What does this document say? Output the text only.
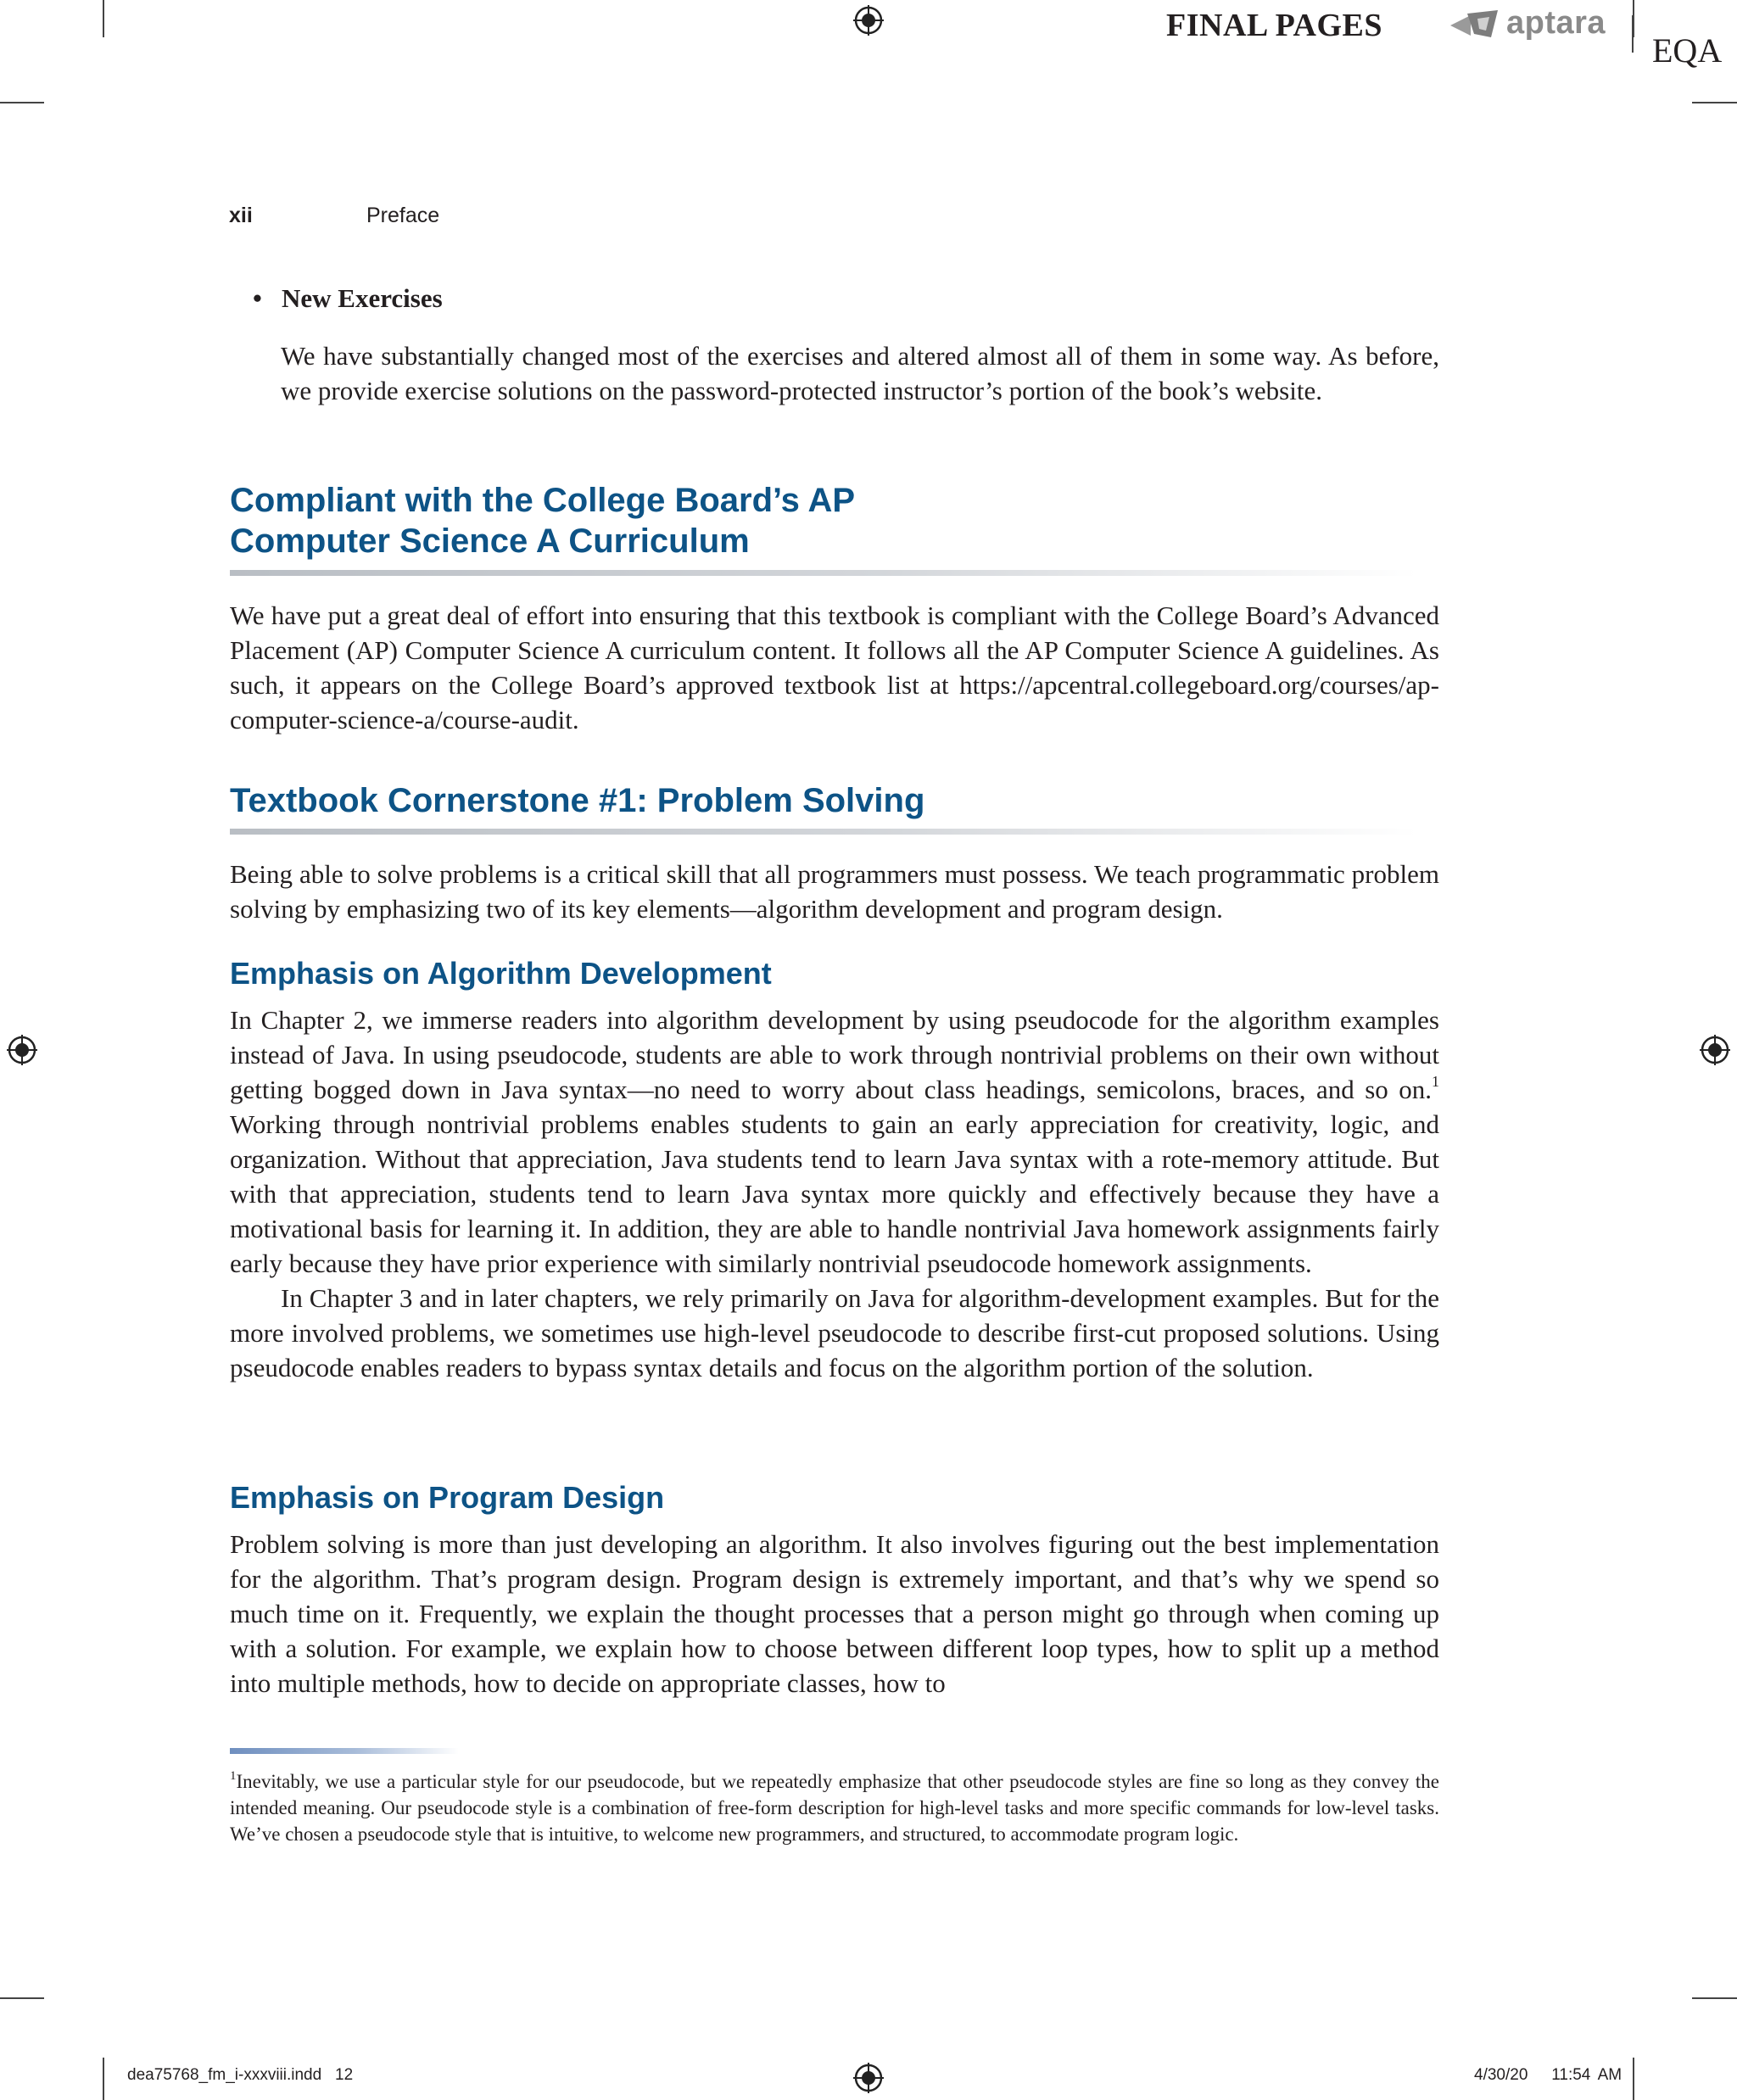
FINAL PAGES	aptara
EQA
xii	Preface
• New Exercises
We have substantially changed most of the exercises and altered almost all of them in some way. As before, we provide exercise solutions on the password-protected instructor’s portion of the book’s website.
Compliant with the College Board’s AP
Computer Science A Curriculum

We have put a great deal of effort into ensuring that this textbook is compliant with the College Board’s Advanced Placement (AP) Computer Science A curriculum content. It follows all the AP Computer Science A guidelines. As such, it appears on the College Board’s approved textbook list at https://apcentral.collegeboard.org/courses/ap-computer-science-a/course-audit.

Textbook Cornerstone #1: Problem Solving

Being able to solve problems is a critical skill that all programmers must possess. We teach programmatic problem solving by emphasizing two of its key elements—algorithm development and program design.

Emphasis on Algorithm Development

In Chapter 2, we immerse readers into algorithm development by using pseudocode for the algorithm examples instead of Java. In using pseudocode, students are able to work through nontrivial problems on their own without getting bogged down in Java syntax—no need to worry about class headings, semicolons, braces, and so on.$^1$ Working through nontrivial problems enables students to gain an early appreciation for creativity, logic, and organization. Without that appreciation, Java students tend to learn Java syntax with a rote-memory attitude. But with that appreciation, students tend to learn Java syntax more quickly and effectively because they have a motivational basis for learning it. In addition, they are able to handle nontrivial Java homework assignments fairly early because they have prior experience with similarly nontrivial pseudocode homework assignments.

In Chapter 3 and in later chapters, we rely primarily on Java for algorithm-development examples. But for the more involved problems, we sometimes use high-level pseudocode to describe first-cut proposed solutions. Using pseudocode enables readers to bypass syntax details and focus on the algorithm portion of the solution.

Emphasis on Program Design

Problem solving is more than just developing an algorithm. It also involves figuring out the best implementation for the algorithm. That’s program design. Program design is extremely important, and that’s why we spend so much time on it. Frequently, we explain the thought processes that a person might go through when coming up with a solution. For example, we explain how to choose between different loop types, how to split up a method into multiple methods, how to decide on appropriate classes, how to

$^1$Inevitably, we use a particular style for our pseudocode, but we repeatedly emphasize that other pseudocode styles are fine so long as they convey the intended meaning. Our pseudocode style is a combination of free-form description for high-level tasks and more specific commands for low-level tasks. We’ve chosen a pseudocode style that is intuitive, to welcome new programmers, and structured, to accommodate program logic.
dea75768_fm_i-xxxviii.indd   12	4/30/20   11:54 AM
